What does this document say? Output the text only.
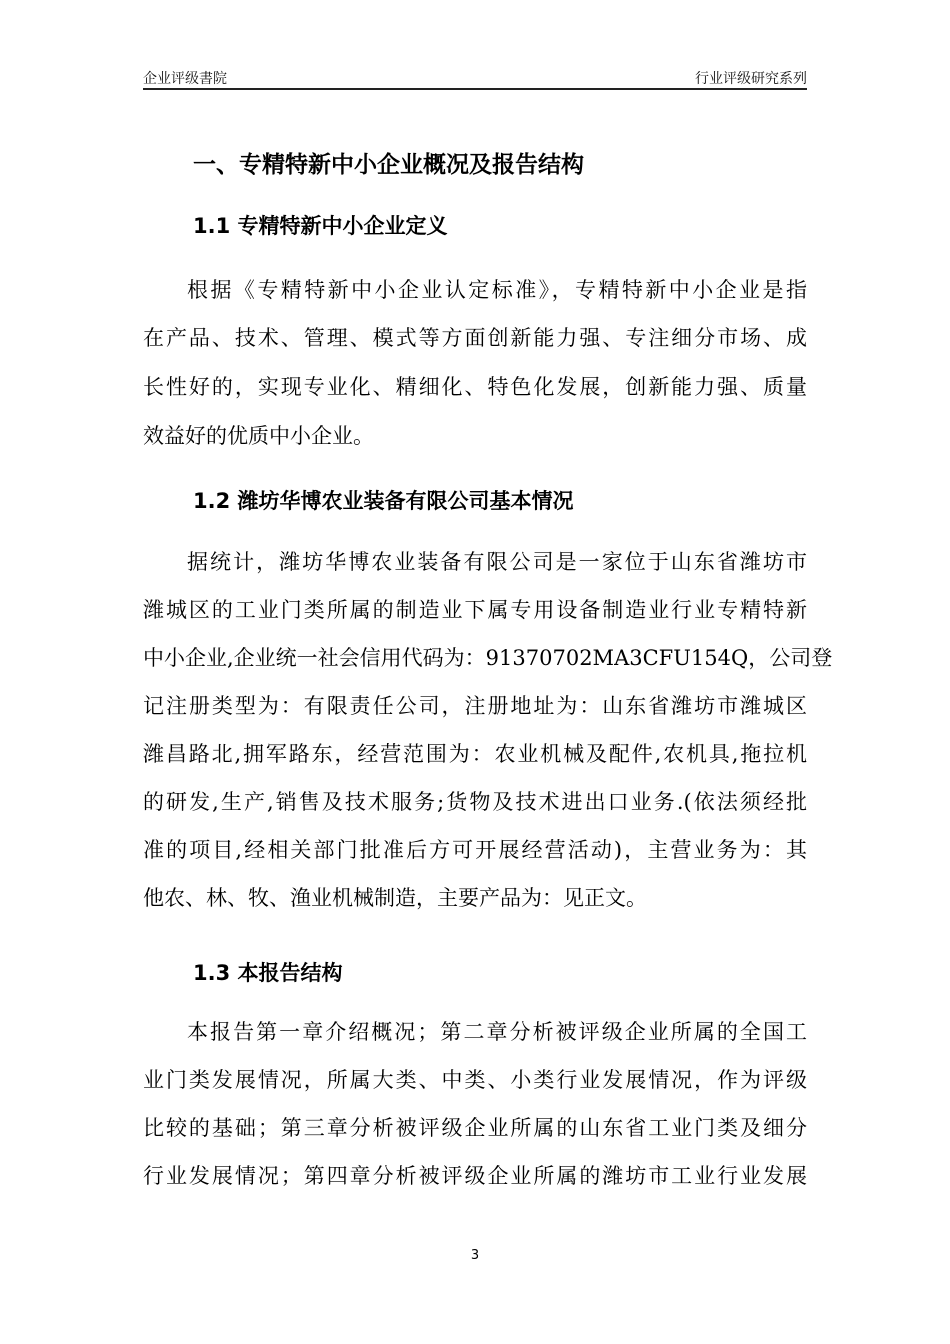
企业评级書院	行业评级研究系列
一、专精特新中小企业概况及报告结构
1.1 专精特新中小企业定义
根据《专精特新中小企业认定标准》，专精特新中小企业是指
在产品、技术、管理、模式等方面创新能力强、专注细分市场、成
长性好的，实现专业化、精细化、特色化发展，创新能力强、质量
效益好的优质中小企业。
1.2 潍坊华博农业装备有限公司基本情况
据统计，潍坊华博农业装备有限公司是一家位于山东省潍坊市
潍城区的工业门类所属的制造业下属专用设备制造业行业专精特新
中小企业,企业统一社会信用代码为：91370702MA3CFU154Q，公司登
记注册类型为：有限责任公司，注册地址为：山东省潍坊市潍城区
潍昌路北,拥军路东，经营范围为：农业机械及配件,农机具,拖拉机
的研发,生产,销售及技术服务;货物及技术进出口业务.(依法须经批
准的项目,经相关部门批准后方可开展经营活动)，主营业务为：其
他农、林、牧、渔业机械制造，主要产品为：见正文。
1.3 本报告结构
本报告第一章介绍概况；第二章分析被评级企业所属的全国工
业门类发展情况，所属大类、中类、小类行业发展情况，作为评级
比较的基础；第三章分析被评级企业所属的山东省工业门类及细分
行业发展情况；第四章分析被评级企业所属的潍坊市工业行业发展
3
